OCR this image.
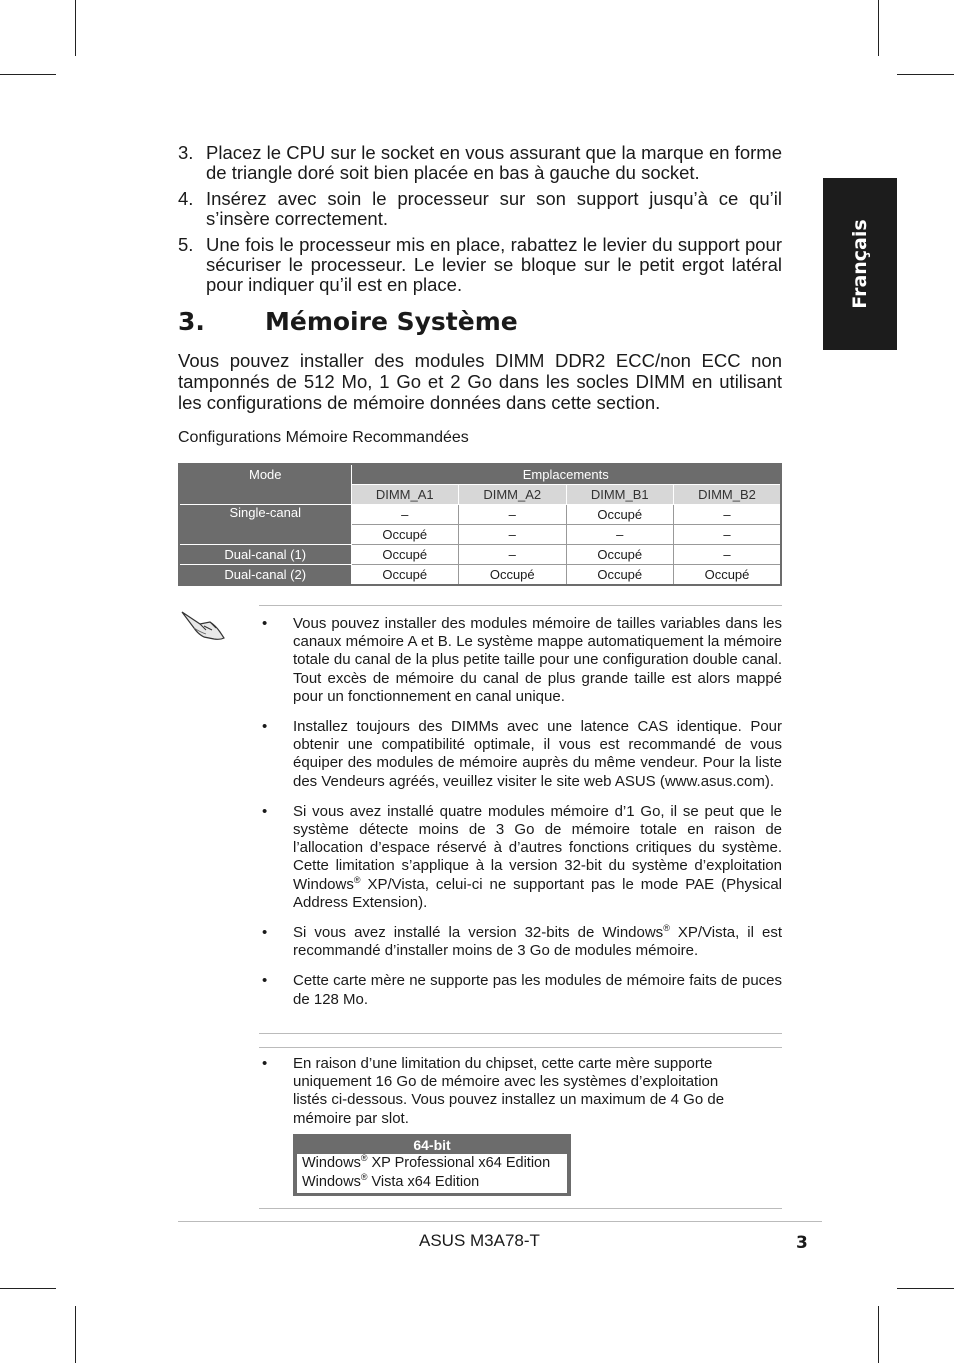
Français
3. Placez le CPU sur le socket en vous assurant que la marque en forme de triangle doré soit bien placée en bas à gauche du socket.
4. Insérez avec soin le processeur sur son support jusqu’à ce qu’il s’insère correctement.
5. Une fois le processeur mis en place, rabattez le levier du support pour sécuriser le processeur. Le levier se bloque sur le petit ergot latéral pour indiquer qu’il est en place.
3.	Mémoire Système
Vous pouvez installer des modules DIMM DDR2 ECC/non ECC non tamponnés de 512 Mo, 1 Go et 2 Go dans les socles DIMM en utilisant les configurations de mémoire données dans cette section.
Configurations Mémoire Recommandées
Mode	Emplacements			
	DIMM_A1	DIMM_A2	DIMM_B1	DIMM_B2
Single-canal	–	–	Occupé	–
	Occupé	–	–	–
Dual-canal (1)	Occupé	–	Occupé	–
Dual-canal (2)	Occupé	Occupé	Occupé	Occupé
•	Vous pouvez installer des modules mémoire de tailles variables dans les canaux mémoire A et B. Le système mappe automatiquement la mémoire totale du canal de la plus petite taille pour une configuration double canal. Tout excès de mémoire du canal de plus grande taille est alors mappé pour un fonctionnement en canal unique.
•	Installez toujours des DIMMs avec une latence CAS identique. Pour obtenir une compatibilité optimale, il vous est recommandé de vous équiper des modules de mémoire auprès du même vendeur. Pour la liste des Vendeurs agréés, veuillez visiter le site web ASUS (www.asus.com).
•	Si vous avez installé quatre modules mémoire d’1 Go, il se peut que le système détecte moins de 3 Go de mémoire totale en raison de l’allocation d’espace réservé à d’autres fonctions critiques du système. Cette limitation s’applique à la version 32-bit du système d’exploitation Windows® XP/Vista, celui-ci ne supportant pas le mode PAE (Physical Address Extension).
•	Si vous avez installé la version 32-bits de Windows® XP/Vista, il est recommandé d’installer moins de 3 Go de modules mémoire.
•	Cette carte mère ne supporte pas les modules de mémoire faits de puces de 128 Mo.
•	En raison d’une limitation du chipset, cette carte mère supporte uniquement 16 Go de mémoire avec les systèmes d’exploitation listés ci-dessous. Vous pouvez installez un maximum de 4 Go de mémoire par slot.
64-bit
Windows® XP Professional x64 Edition
Windows® Vista x64 Edition
ASUS M3A78-T	3
